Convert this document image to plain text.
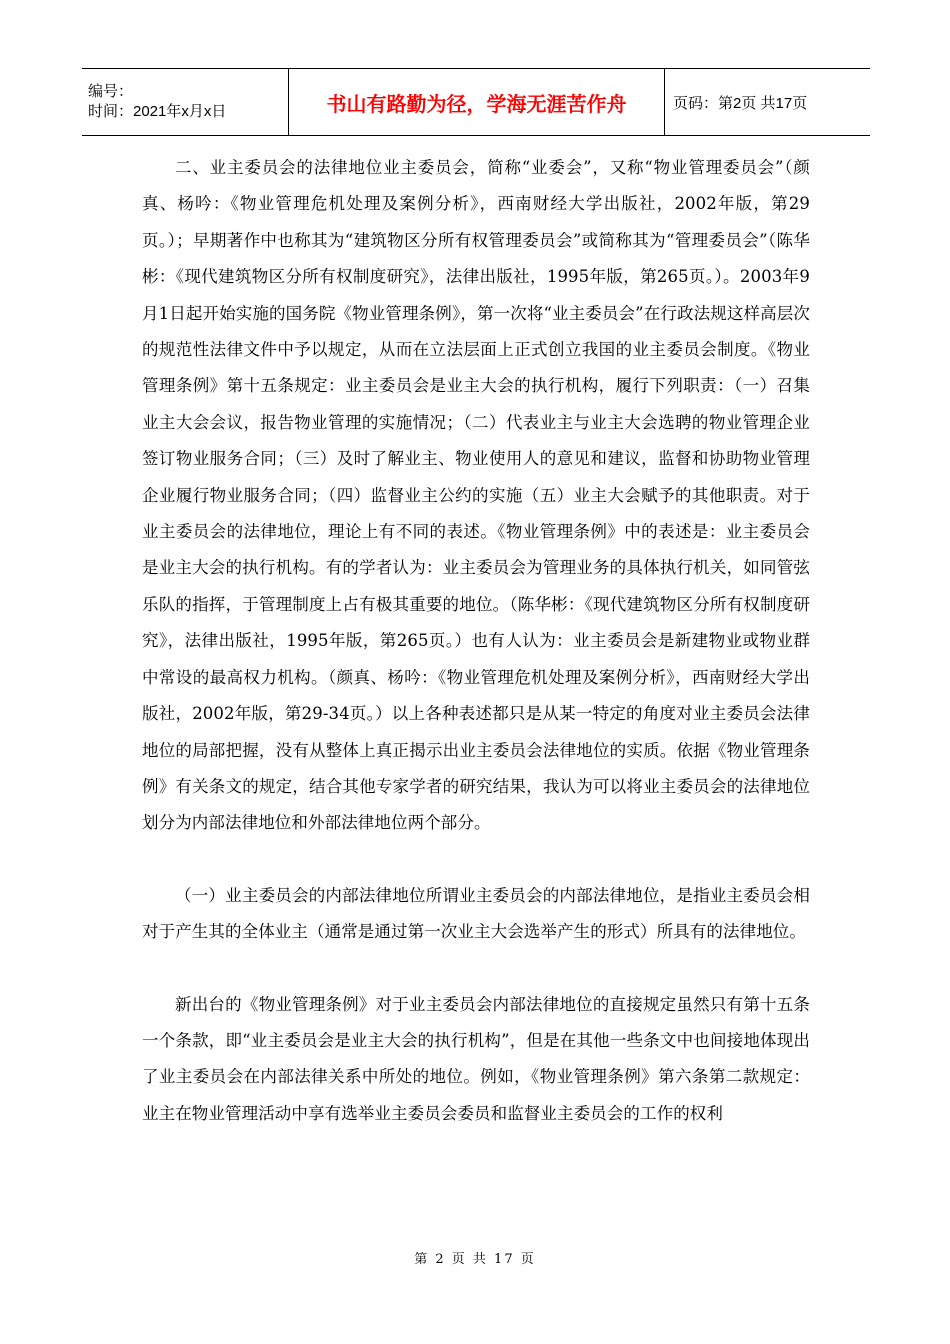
编号：
时间：2021年x月x日	书山有路勤为径，学海无涯苦作舟	页码：第2页 共17页

二、业主委员会的法律地位业主委员会，简称“业委会”，又称“物业管理委员会”（颜真、杨吟：《物业管理危机处理及案例分析》，西南财经大学出版社，2002年版，第29页。）；早期著作中也称其为“建筑物区分所有权管理委员会”或简称其为“管理委员会”（陈华彬：《现代建筑物区分所有权制度研究》，法律出版社，1995年版，第265页。）。2003年9月1日起开始实施的国务院《物业管理条例》，第一次将“业主委员会”在行政法规这样高层次的规范性法律文件中予以规定，从而在立法层面上正式创立我国的业主委员会制度。《物业管理条例》第十五条规定：业主委员会是业主大会的执行机构，履行下列职责：（一）召集业主大会会议，报告物业管理的实施情况；（二）代表业主与业主大会选聘的物业管理企业签订物业服务合同；（三）及时了解业主、物业使用人的意见和建议，监督和协助物业管理企业履行物业服务合同；（四）监督业主公约的实施（五）业主大会赋予的其他职责。对于业主委员会的法律地位，理论上有不同的表述。《物业管理条例》中的表述是：业主委员会是业主大会的执行机构。有的学者认为：业主委员会为管理业务的具体执行机关，如同管弦乐队的指挥，于管理制度上占有极其重要的地位。（陈华彬：《现代建筑物区分所有权制度研究》，法律出版社，1995年版，第265页。）也有人认为：业主委员会是新建物业或物业群中常设的最高权力机构。（颜真、杨吟：《物业管理危机处理及案例分析》，西南财经大学出版社，2002年版，第29-34页。）以上各种表述都只是从某一特定的角度对业主委员会法律地位的局部把握，没有从整体上真正揭示出业主委员会法律地位的实质。依据《物业管理条例》有关条文的规定，结合其他专家学者的研究结果，我认为可以将业主委员会的法律地位划分为内部法律地位和外部法律地位两个部分。

（一）业主委员会的内部法律地位所谓业主委员会的内部法律地位，是指业主委员会相对于产生其的全体业主（通常是通过第一次业主大会选举产生的形式）所具有的法律地位。

新出台的《物业管理条例》对于业主委员会内部法律地位的直接规定虽然只有第十五条一个条款，即“业主委员会是业主大会的执行机构”，但是在其他一些条文中也间接地体现出了业主委员会在内部法律关系中所处的地位。例如，《物业管理条例》第六条第二款规定：业主在物业管理活动中享有选举业主委员会委员和监督业主委员会的工作的权利

第 2 页 共 17 页
